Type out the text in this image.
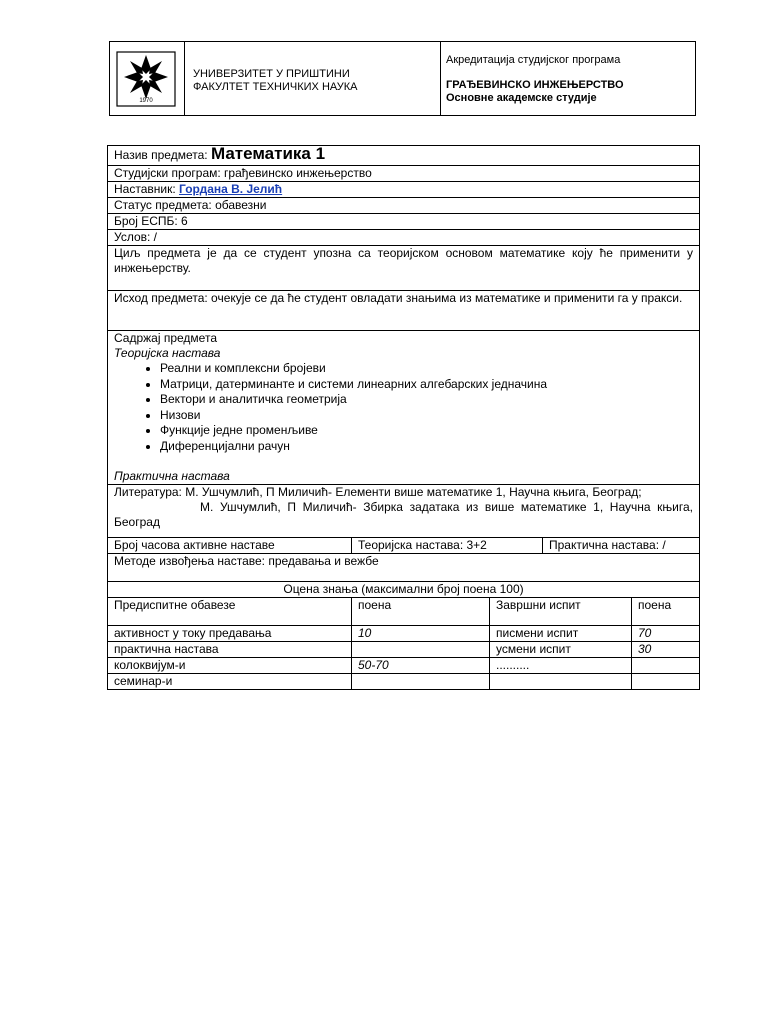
1970
УНИВЕРЗИТЕТ У ПРИШТИНИ
ФАКУЛТЕТ ТЕХНИЧКИХ НАУКА
Акредитација студијског програма
ГРАЂЕВИНСКО ИНЖЕЊЕРСТВО
Основне академске студије
Назив предмета: Математика 1
Студијски програм: грађевинско инжењерство
Наставник: Гордана В. Јелић
Статус предмета: обавезни
Број ЕСПБ: 6
Услов: /
Циљ предмета је да се студент упозна са теоријском основом математике коју ће применити у инжењерству.
Исход предмета: очекује се да ће студент овладати знањима из математике и применити га у пракси.

Садржај предмета
Теоријска настава
• Реални и комплексни бројеви
• Матрици, датерминанте и системи линеарних алгебарских једначина
• Вектори и аналитичка геометрија
• Низови
• Функције једне променљиве
• Диференцијални рачун
Практична настава

Литература: М. Ушчумлић, П Миличић- Елементи више математике 1, Научна књига, Београд;
М. Ушчумлић, П Миличић- Збирка задатака из више математике 1, Научна књига, Београд

Број часова активне наставе	Теоријска настава: 3+2	Практична настава: /

Методе извођења наставе: предавања и вежбе
Оцена знања (максимални број поена 100)
Предиспитне обавезе	поена	Завршни испит	поена
активност у току предавања	10	писмени испит	70
практична настава		усмени испит	30
колоквијум-и	50-70	..........	
семинар-и			
